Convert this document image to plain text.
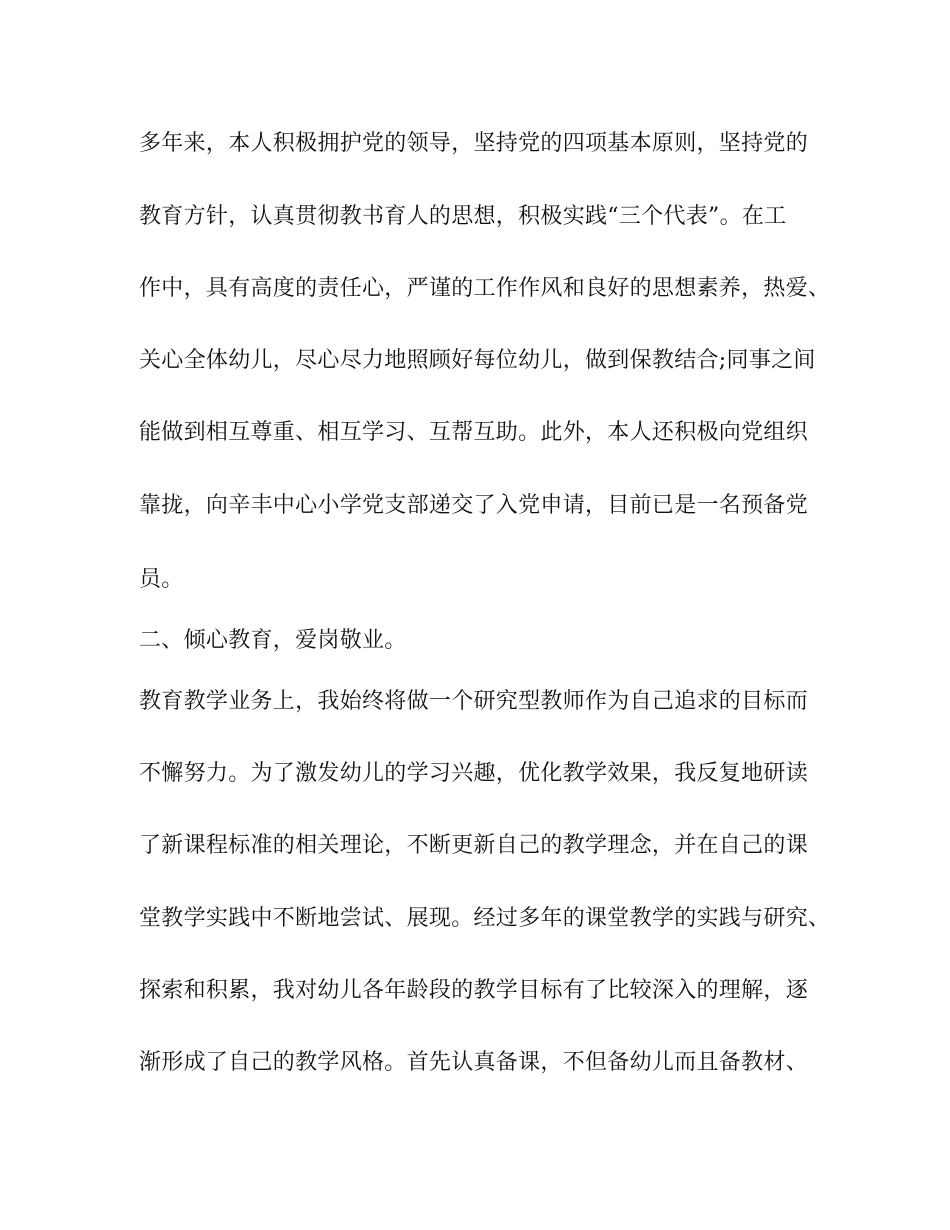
多年来，本人积极拥护党的领导，坚持党的四项基本原则，坚持党的

教育方针，认真贯彻教书育人的思想，积极实践“三个代表”。在工

作中，具有高度的责任心，严谨的工作作风和良好的思想素养，热爱、

关心全体幼儿，尽心尽力地照顾好每位幼儿，做到保教结合;同事之间

能做到相互尊重、相互学习、互帮互助。此外，本人还积极向党组织

靠拢，向辛丰中心小学党支部递交了入党申请，目前已是一名预备党

员。

二、倾心教育，爱岗敬业。

教育教学业务上，我始终将做一个研究型教师作为自己追求的目标而

不懈努力。为了激发幼儿的学习兴趣，优化教学效果，我反复地研读

了新课程标准的相关理论，不断更新自己的教学理念，并在自己的课

堂教学实践中不断地尝试、展现。经过多年的课堂教学的实践与研究、

探索和积累，我对幼儿各年龄段的教学目标有了比较深入的理解，逐

渐形成了自己的教学风格。首先认真备课，不但备幼儿而且备教材、
